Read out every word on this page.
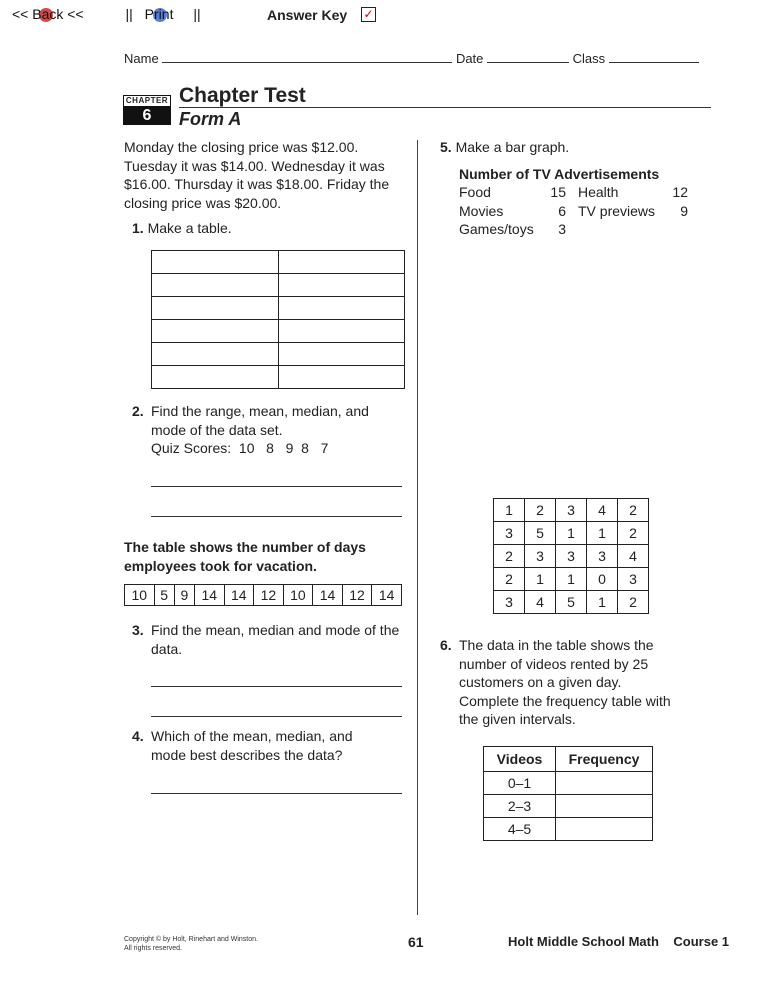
<< Back <<	|| Print ||	Answer Key ✓
Name	Date	Class
CHAPTER
6
Chapter Test
Form A
Monday the closing price was $12.00. Tuesday it was $14.00. Wednesday it was $16.00. Thursday it was $18.00. Friday the closing price was $20.00.
1. Make a table.

2. Find the range, mean, median, and mode of the data set.
Quiz Scores:  10   8   9  8   7
The table shows the number of days employees took for vacation.
10	5	9	14	14	12	10	14	12	14
3. Find the mean, median and mode of the data.
4. Which of the mean, median, and mode best describes the data?
5. Make a bar graph.
Number of TV Advertisements
Food	15 Health	12
Movies	6 TV previews	9
Games/toys	3
1	2	3	4	2
3	5	1	1	2
2	3	3	3	4
2	1	1	0	3
3	4	5	1	2
6. The data in the table shows the number of videos rented by 25 customers on a given day. Complete the frequency table with the given intervals.
Videos	Frequency
0–1	
2–3	
4–5	
Copyright © by Holt, Rinehart and Winston.
All rights reserved.	61	Holt Middle School Math    Course 1
